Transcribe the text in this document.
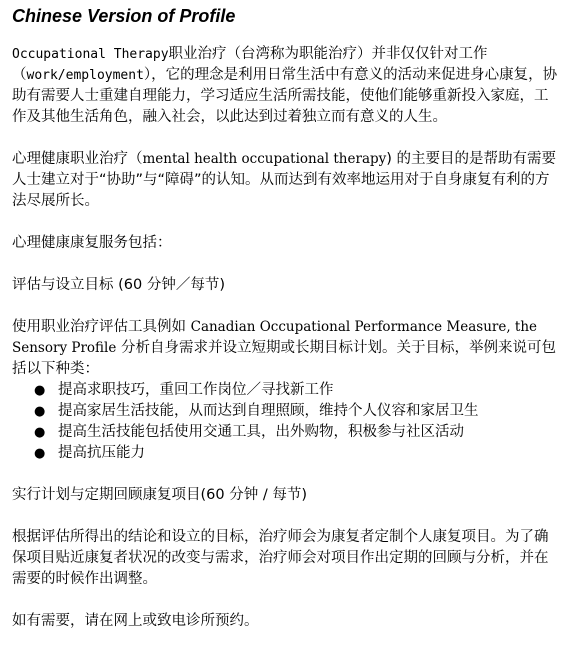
Chinese Version of Profile

Occupational Therapy职业治疗（台湾称为职能治疗）并非仅仅针对工作（work/employment），它的理念是利用日常生活中有意义的活动来促进身心康复，协助有需要人士重建自理能力，学习适应生活所需技能，使他们能够重新投入家庭，工作及其他生活角色，融入社会，以此达到过着独立而有意义的人生。

心理健康职业治疗（mental health occupational therapy) 的主要目的是帮助有需要人士建立对于“协助”与“障碍”的认知。从而达到有效率地运用对于自身康复有利的方法尽展所长。

心理健康康复服务包括：

评估与设立目标 (60 分钟／每节)

使用职业治疗评估工具例如 Canadian Occupational Performance Measure, the Sensory Profile 分析自身需求并设立短期或长期目标计划。关于目标，举例来说可包括以下种类：

● 提高求职技巧，重回工作岗位／寻找新工作
● 提高家居生活技能，从而达到自理照顾，维持个人仪容和家居卫生
● 提高生活技能包括使用交通工具，出外购物，积极参与社区活动
● 提高抗压能力

实行计划与定期回顾康复项目(60 分钟 / 每节)

根据评估所得出的结论和设立的目标，治疗师会为康复者定制个人康复项目。为了确保项目贴近康复者状况的改变与需求，治疗师会对项目作出定期的回顾与分析，并在需要的时候作出调整。

如有需要，请在网上或致电诊所预约。
